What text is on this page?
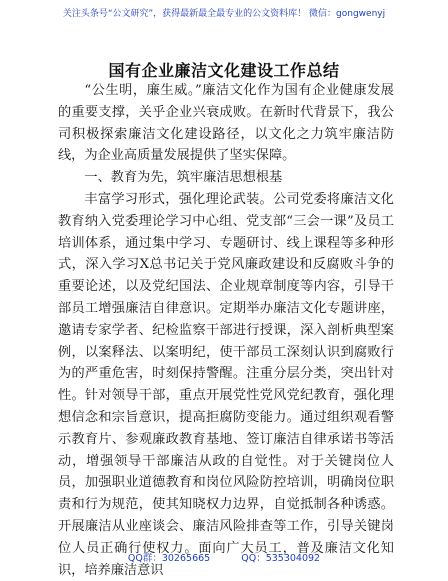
关注头条号“公文研究”，获得最新最全最专业的公文资料库！ 微信：gongwenyj
国有企业廉洁文化建设工作总结

“公生明，廉生威。”廉洁文化作为国有企业健康发展的重要支撑，关乎企业兴衰成败。在新时代背景下，我公司积极探索廉洁文化建设路径，以文化之力筑牢廉洁防线，为企业高质量发展提供了坚实保障。

一、教育为先，筑牢廉洁思想根基

丰富学习形式，强化理论武装。公司党委将廉洁文化教育纳入党委理论学习中心组、党支部“三会一课”及员工培训体系，通过集中学习、专题研讨、线上课程等多种形式，深入学习X总书记关于党风廉政建设和反腐败斗争的重要论述，以及党纪国法、企业规章制度等内容，引导干部员工增强廉洁自律意识。定期举办廉洁文化专题讲座，邀请专家学者、纪检监察干部进行授课，深入剖析典型案例，以案释法、以案明纪，使干部员工深刻认识到腐败行为的严重危害，时刻保持警醒。注重分层分类，突出针对性。针对领导干部，重点开展党性党风党纪教育，强化理想信念和宗旨意识，提高拒腐防变能力。通过组织观看警示教育片、参观廉政教育基地、签订廉洁自律承诺书等活动，增强领导干部廉洁从政的自觉性。对于关键岗位人员，加强职业道德教育和岗位风险防控培训，明确岗位职责和行为规范，使其知晓权力边界，自觉抵制各种诱惑。开展廉洁从业座谈会、廉洁风险排查等工作，引导关键岗位人员正确行使权力。面向广大员工，普及廉洁文化知识，培养廉洁意识

QQ群：30265665	QQ：535304092
